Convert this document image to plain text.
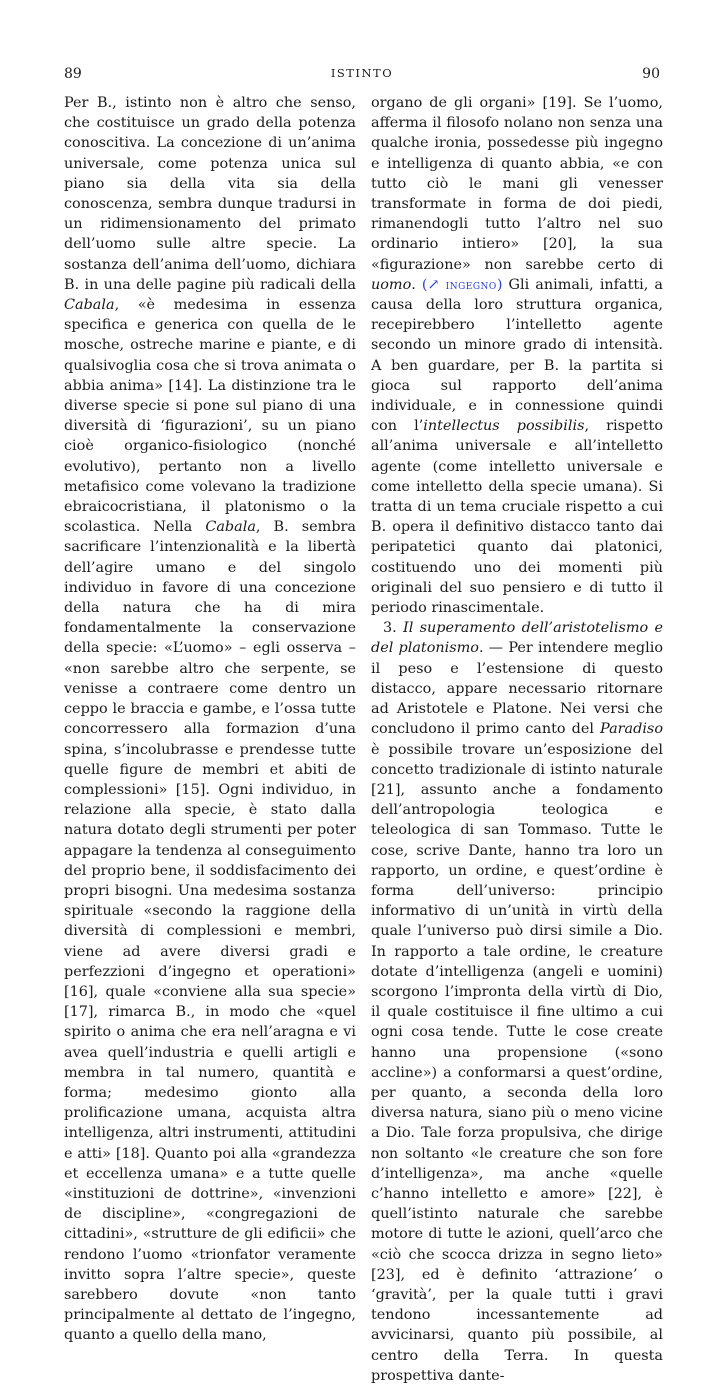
89	ISTINTO	90

Per B., istinto non è altro che senso, che costituisce un grado della potenza conoscitiva. La concezione di un’anima universale, come potenza unica sul piano sia della vita sia della conoscenza, sembra dunque tradursi in un ridimensionamento del primato dell’uomo sulle altre specie. La sostanza dell’anima dell’uomo, dichiara B. in una delle pagine più radicali della Cabala, «è medesima in essenza specifica e generica con quella de le mosche, ostreche marine e piante, e di qualsivoglia cosa che si trova animata o abbia anima» [14]. La distinzione tra le diverse specie si pone sul piano di una diversità di ‘figurazioni’, su un piano cioè organico-fisiologico (nonché evolutivo), pertanto non a livello metafisico come volevano la tradizione ebraicocristiana, il platonismo o la scolastica. Nella Cabala, B. sembra sacrificare l’intenzionalità e la libertà dell’agire umano e del singolo individuo in favore di una concezione della natura che ha di mira fondamentalmente la conservazione della specie: «L’uomo» – egli osserva – «non sarebbe altro che serpente, se venisse a contraere come dentro un ceppo le braccia e gambe, e l’ossa tutte concorressero alla formazion d’una spina, s’incolubrasse e prendesse tutte quelle figure de membri et abiti de complessioni» [15]. Ogni individuo, in relazione alla specie, è stato dalla natura dotato degli strumenti per poter appagare la tendenza al conseguimento del proprio bene, il soddisfacimento dei propri bisogni. Una medesima sostanza spirituale «secondo la raggione della diversità di complessioni e membri, viene ad avere diversi gradi e perfezzioni d’ingegno et operationi» [16], quale «conviene alla sua specie» [17], rimarca B., in modo che «quel spirito o anima che era nell’aragna e vi avea quell’industria e quelli artigli e membra in tal numero, quantità e forma; medesimo gionto alla prolificazione umana, acquista altra intelligenza, altri instrumenti, attitudini e atti» [18]. Quanto poi alla «grandezza et eccellenza umana» e a tutte quelle «instituzioni de dottrine», «invenzioni de discipline», «congregazioni de cittadini», «strutture de gli edificii» che rendono l’uomo «trionfator veramente invitto sopra l’altre specie», queste sarebbero dovute «non tanto principalmente al dettato de l’ingegno, quanto a quello della mano,

organo de gli organi» [19]. Se l’uomo, afferma il filosofo nolano non senza una qualche ironia, possedesse più ingegno e intelligenza di quanto abbia, «e con tutto ciò le mani gli venesser transformate in forma de doi piedi, rimanendogli tutto l’altro nel suo ordinario intiero» [20], la sua «figurazione» non sarebbe certo di uomo. (↗ ingegno) Gli animali, infatti, a causa della loro struttura organica, recepirebbero l’intelletto agente secondo un minore grado di intensità. A ben guardare, per B. la partita si gioca sul rapporto dell’anima individuale, e in connessione quindi con l’intellectus possibilis, rispetto all’anima universale e all’intelletto agente (come intelletto universale e come intelletto della specie umana). Si tratta di un tema cruciale rispetto a cui B. opera il definitivo distacco tanto dai peripatetici quanto dai platonici, costituendo uno dei momenti più originali del suo pensiero e di tutto il periodo rinascimentale.

3. Il superamento dell’aristotelismo e del platonismo. — Per intendere meglio il peso e l’estensione di questo distacco, appare necessario ritornare ad Aristotele e Platone. Nei versi che concludono il primo canto del Paradiso è possibile trovare un’esposizione del concetto tradizionale di istinto naturale [21], assunto anche a fondamento dell’antropologia teologica e teleologica di san Tommaso. Tutte le cose, scrive Dante, hanno tra loro un rapporto, un ordine, e quest’ordine è forma dell’universo: principio informativo di un’unità in virtù della quale l’universo può dirsi simile a Dio. In rapporto a tale ordine, le creature dotate d’intelligenza (angeli e uomini) scorgono l’impronta della virtù di Dio, il quale costituisce il fine ultimo a cui ogni cosa tende. Tutte le cose create hanno una propensione («sono accline») a conformarsi a quest’ordine, per quanto, a seconda della loro diversa natura, siano più o meno vicine a Dio. Tale forza propulsiva, che dirige non soltanto «le creature che son fore d’intelligenza», ma anche «quelle c’hanno intelletto e amore» [22], è quell’istinto naturale che sarebbe motore di tutte le azioni, quell’arco che «ciò che scocca drizza in segno lieto» [23], ed è definito ‘attrazione’ o ‘gravità’, per la quale tutti i gravi tendono incessantemente ad avvicinarsi, quanto più possibile, al centro della Terra. In questa prospettiva dante-
